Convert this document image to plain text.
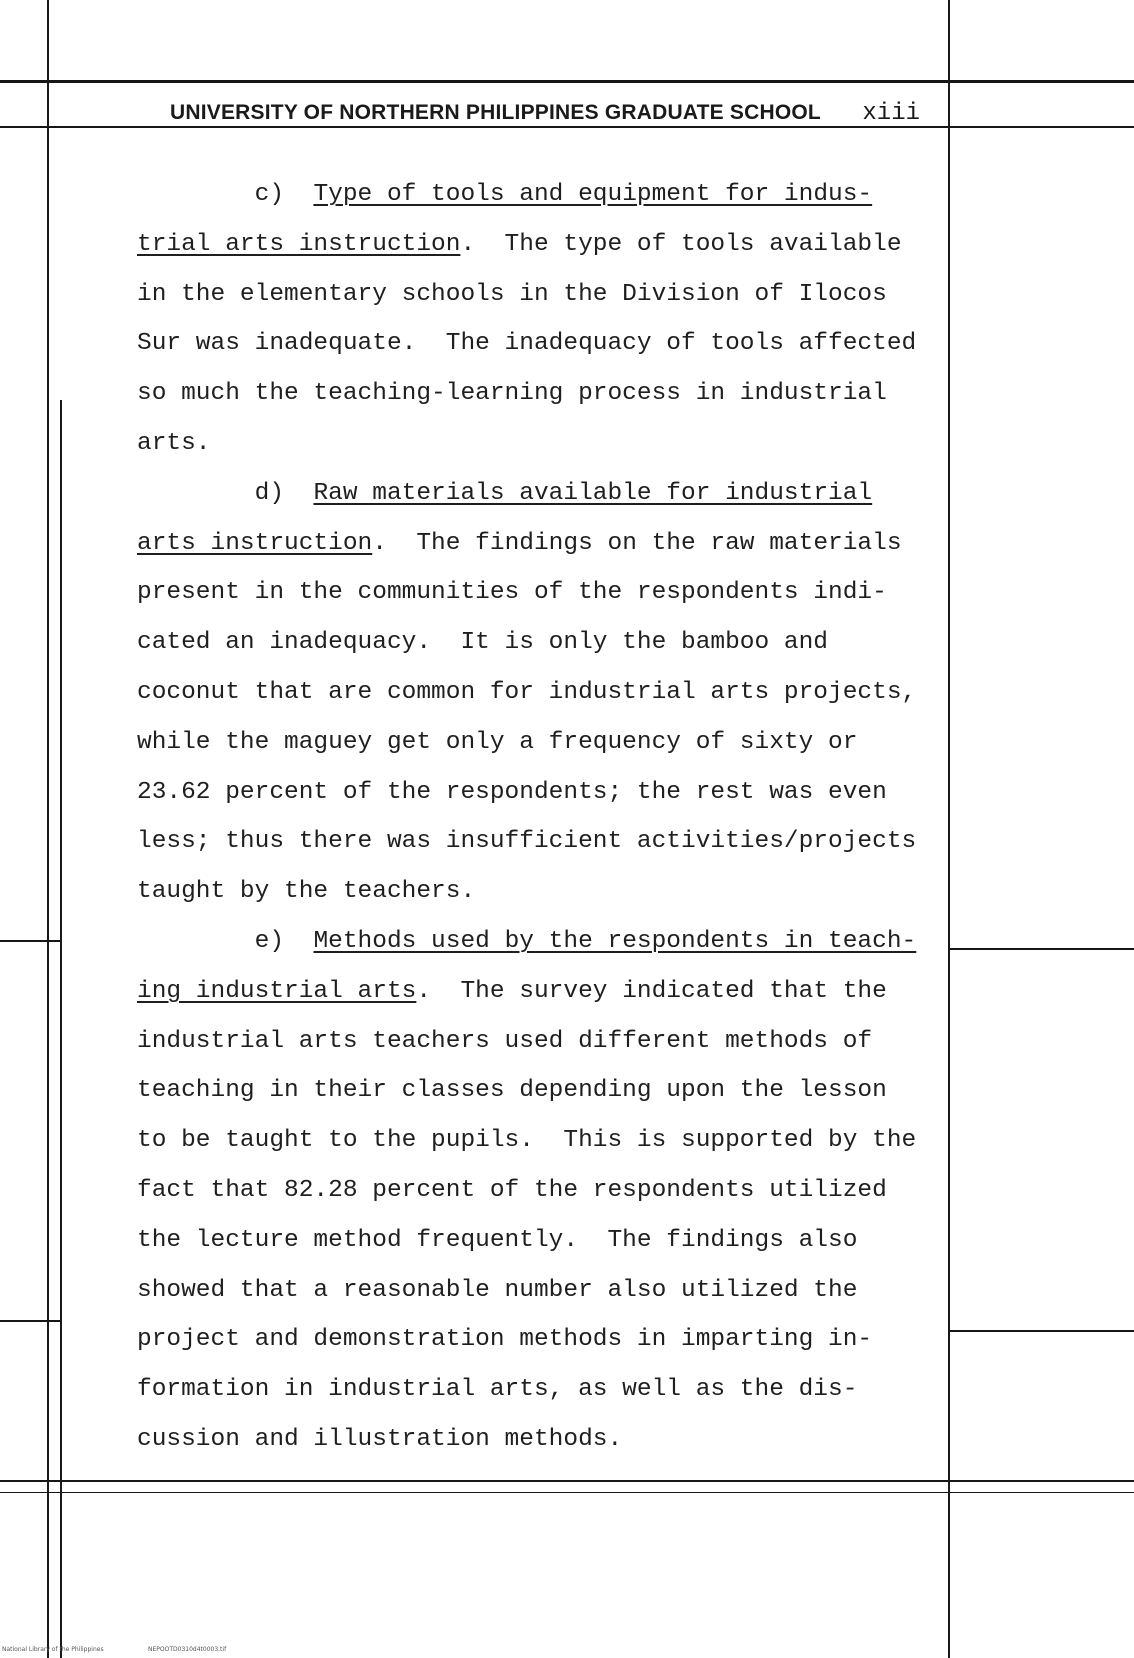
UNIVERSITY OF NORTHERN PHILIPPINES GRADUATE SCHOOL xiii
c)  Type of tools and equipment for indus-
trial arts instruction.  The type of tools available
in the elementary schools in the Division of Ilocos
Sur was inadequate.  The inadequacy of tools affected
so much the teaching-learning process in industrial
arts.
d)  Raw materials available for industrial
arts instruction.  The findings on the raw materials
present in the communities of the respondents indi-
cated an inadequacy.  It is only the bamboo and
coconut that are common for industrial arts projects,
while the maguey get only a frequency of sixty or
23.62 percent of the respondents; the rest was even
less; thus there was insufficient activities/projects
taught by the teachers.
e)  Methods used by the respondents in teach-
ing industrial arts.  The survey indicated that the
industrial arts teachers used different methods of
teaching in their classes depending upon the lesson
to be taught to the pupils.  This is supported by the
fact that 82.28 percent of the respondents utilized
the lecture method frequently.  The findings also
showed that a reasonable number also utilized the
project and demonstration methods in imparting in-
formation in industrial arts, as well as the dis-
cussion and illustration methods.
National Library of the Philippines	NEPOOTD0310d4t0003.tif
